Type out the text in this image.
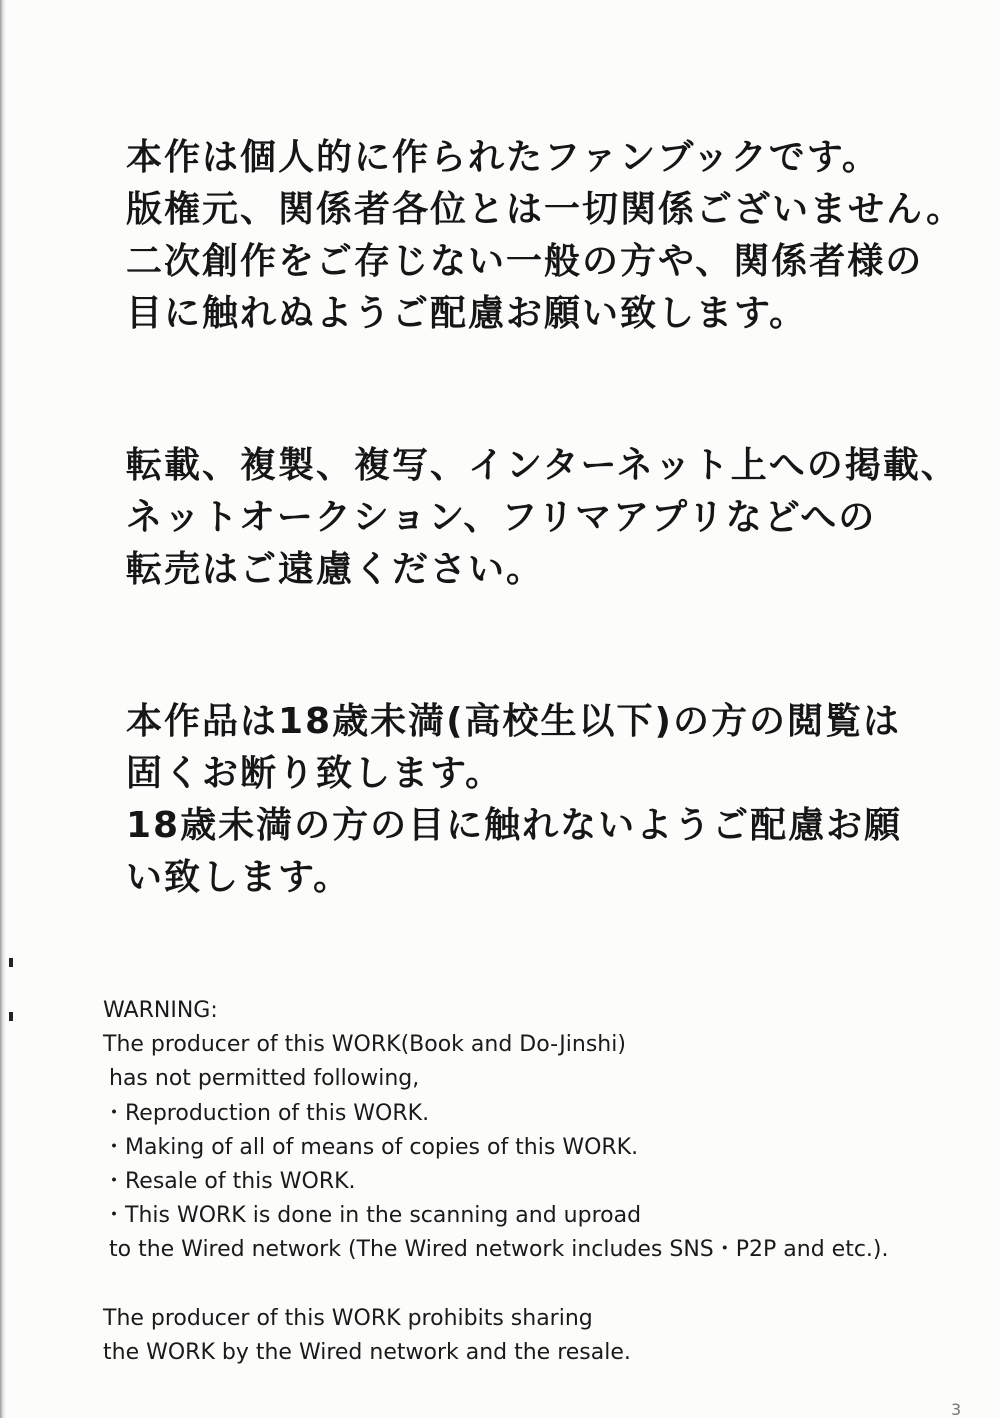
本作は個人的に作られたファンブックです。
版権元、関係者各位とは一切関係ございません。
二次創作をご存じない一般の方や、関係者様の
目に触れぬようご配慮お願い致します。

転載、複製、複写、インターネット上への掲載、
ネットオークション、フリマアプリなどへの
転売はご遠慮ください。

本作品は18歳未満(高校生以下)の方の閲覧は
固くお断り致します。
18歳未満の方の目に触れないようご配慮お願
い致します。

WARNING:
The producer of this WORK(Book and Do-Jinshi)
has not permitted following,
・Reproduction of this WORK.
・Making of all of means of copies of this WORK.
・Resale of this WORK.
・This WORK is done in the scanning and uproad
to the Wired network (The Wired network includes SNS・P2P and etc.).

The producer of this WORK prohibits sharing
the WORK by the Wired network and the resale.

3
